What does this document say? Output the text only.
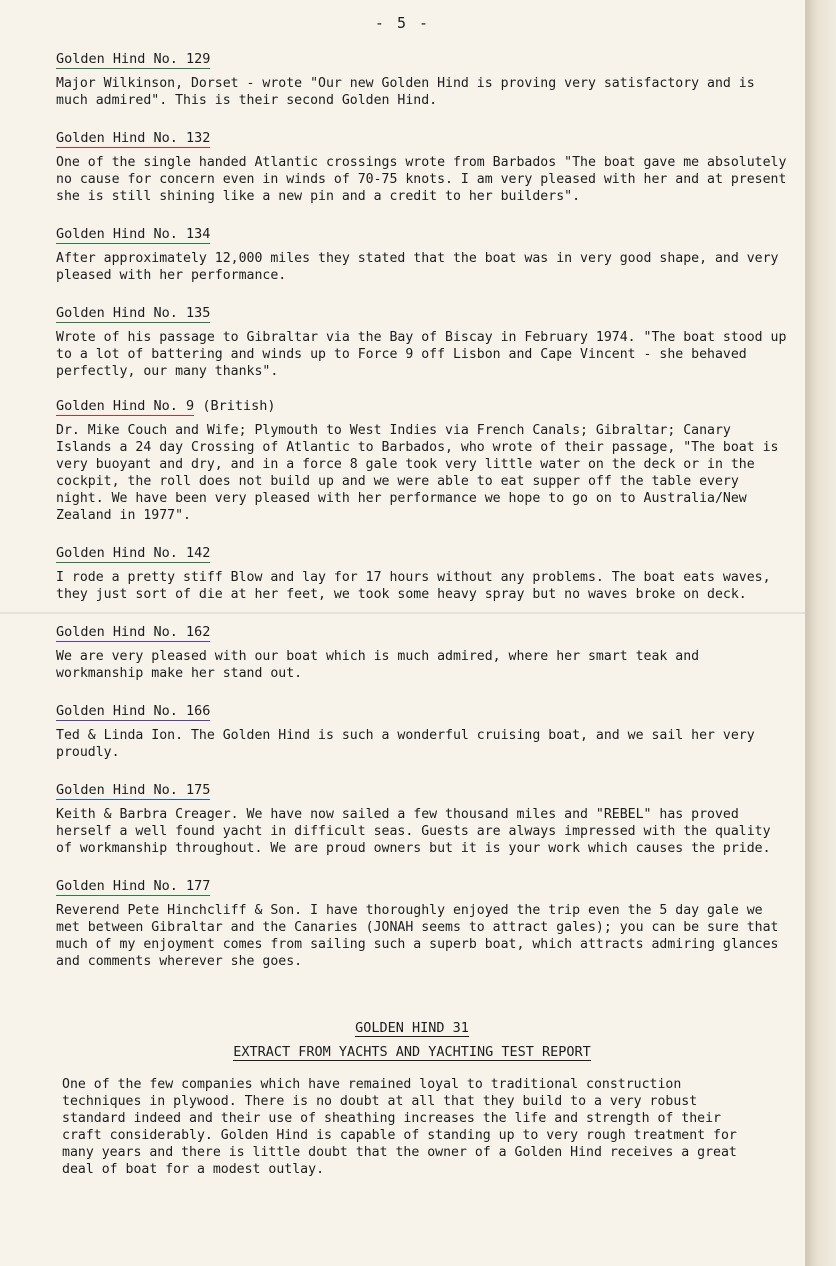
- 5 -
Golden Hind No. 129

Major Wilkinson, Dorset - wrote "Our new Golden Hind is proving very satisfactory and is much admired". This is their second Golden Hind.

Golden Hind No. 132

One of the single handed Atlantic crossings wrote from Barbados "The boat gave me absolutely no cause for concern even in winds of 70-75 knots. I am very pleased with her and at present she is still shining like a new pin and a credit to her builders".

Golden Hind No. 134

After approximately 12,000 miles they stated that the boat was in very good shape, and very pleased with her performance.

Golden Hind No. 135

Wrote of his passage to Gibraltar via the Bay of Biscay in February 1974. "The boat stood up to a lot of battering and winds up to Force 9 off Lisbon and Cape Vincent - she behaved perfectly, our many thanks".

Golden Hind No. 9 (British)

Dr. Mike Couch and Wife; Plymouth to West Indies via French Canals; Gibraltar; Canary Islands a 24 day Crossing of Atlantic to Barbados, who wrote of their passage, "The boat is very buoyant and dry, and in a force 8 gale took very little water on the deck or in the cockpit, the roll does not build up and we were able to eat supper off the table every night. We have been very pleased with her performance we hope to go on to Australia/New Zealand in 1977".

Golden Hind No. 142

I rode a pretty stiff Blow and lay for 17 hours without any problems. The boat eats waves, they just sort of die at her feet, we took some heavy spray but no waves broke on deck.

Golden Hind No. 162

We are very pleased with our boat which is much admired, where her smart teak and workmanship make her stand out.

Golden Hind No. 166

Ted & Linda Ion. The Golden Hind is such a wonderful cruising boat, and we sail her very proudly.

Golden Hind No. 175

Keith & Barbra Creager. We have now sailed a few thousand miles and "REBEL" has proved herself a well found yacht in difficult seas. Guests are always impressed with the quality of workmanship throughout. We are proud owners but it is your work which causes the pride.

Golden Hind No. 177

Reverend Pete Hinchcliff & Son. I have thoroughly enjoyed the trip even the 5 day gale we met between Gibraltar and the Canaries (JONAH seems to attract gales); you can be sure that much of my enjoyment comes from sailing such a superb boat, which attracts admiring glances and comments wherever she goes.

GOLDEN HIND 31
EXTRACT FROM YACHTS AND YACHTING TEST REPORT

One of the few companies which have remained loyal to traditional construction techniques in plywood. There is no doubt at all that they build to a very robust standard indeed and their use of sheathing increases the life and strength of their craft considerably. Golden Hind is capable of standing up to very rough treatment for many years and there is little doubt that the owner of a Golden Hind receives a great deal of boat for a modest outlay.
